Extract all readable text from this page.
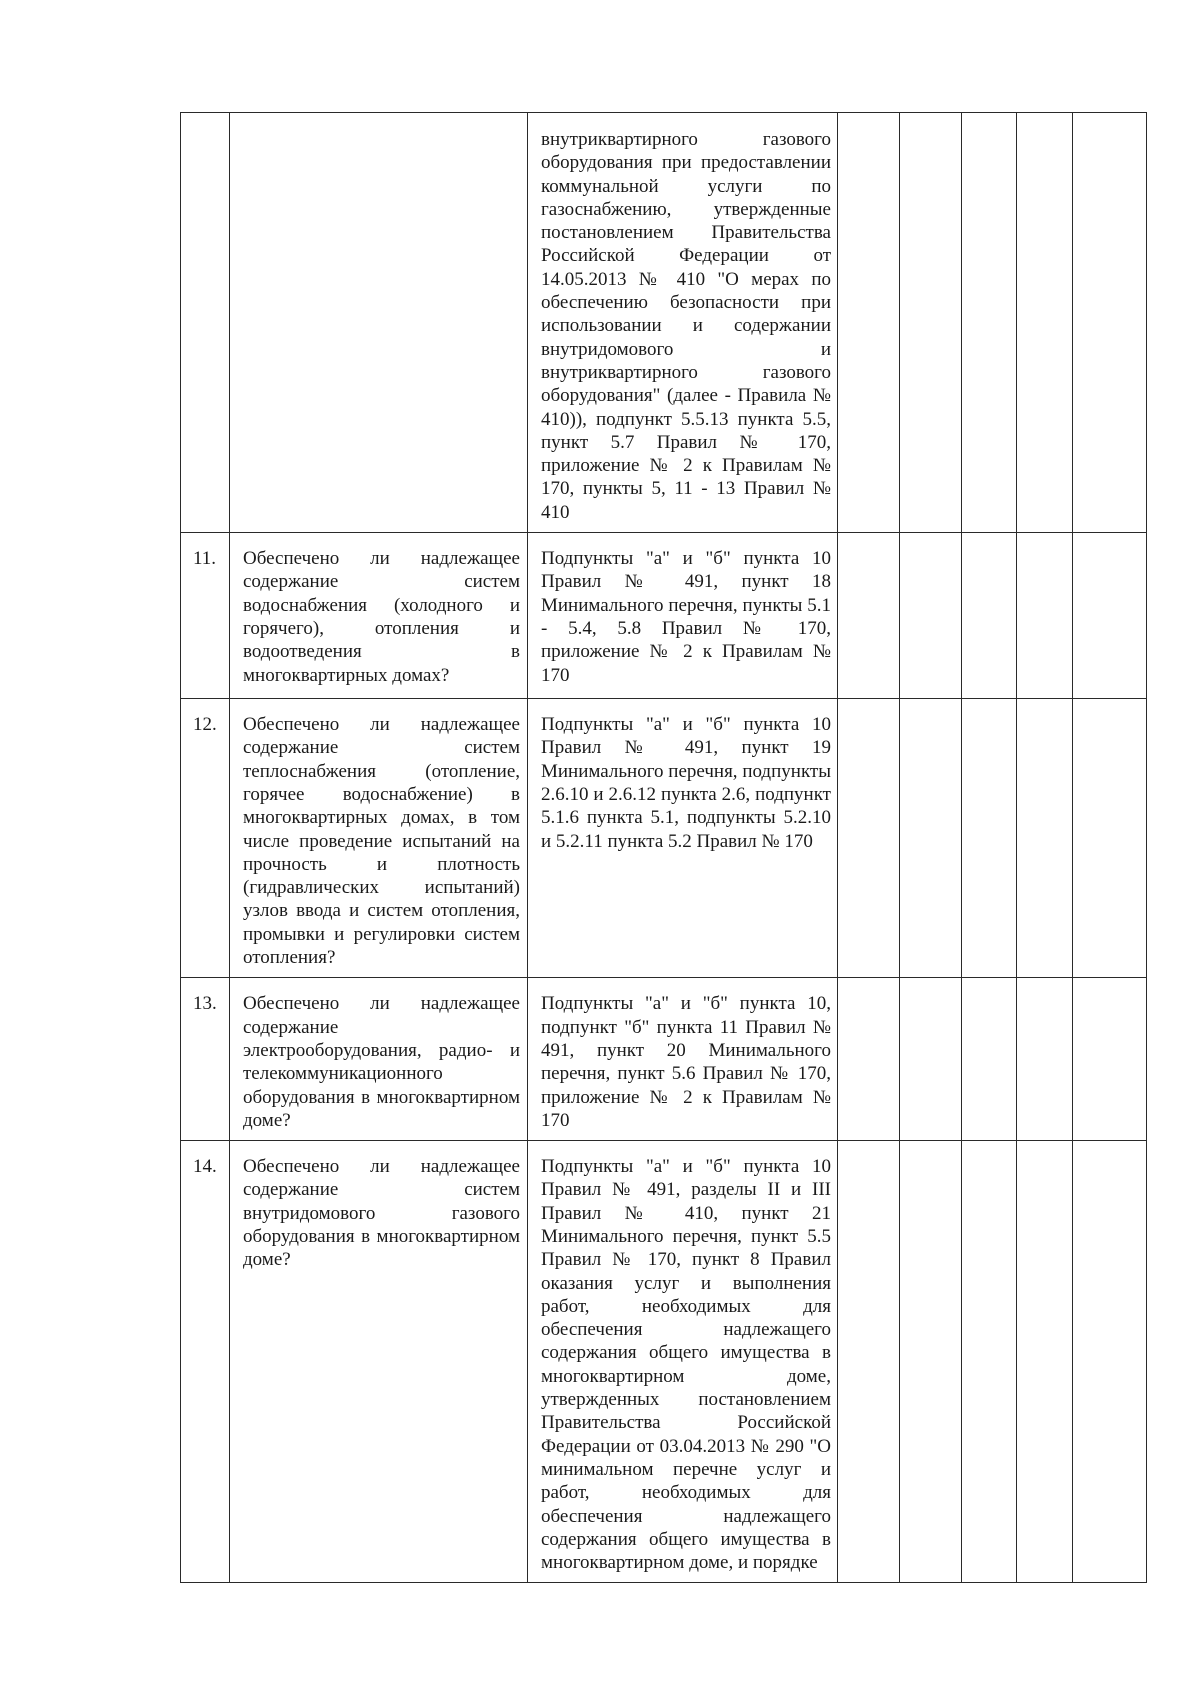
		внутриквартирного газового оборудования при предоставлении коммунальной услуги по газоснабжению, утвержденные постановлением Правительства Российской Федерации от 14.05.2013 № 410 "О мерах по обеспечению безопасности при использовании и содержании внутридомового и внутриквартирного газового оборудования" (далее - Правила № 410)), подпункт 5.5.13 пункта 5.5, пункт 5.7 Правил № 170, приложение № 2 к Правилам № 170, пункты 5, 11 - 13 Правил № 410					

11.	Обеспечено ли надлежащее содержание систем водоснабжения (холодного и горячего), отопления и водоотведения в многоквартирных домах?	Подпункты "а" и "б" пункта 10 Правил № 491, пункт 18 Минимального перечня, пункты 5.1 - 5.4, 5.8 Правил № 170, приложение № 2 к Правилам № 170					

12.	Обеспечено ли надлежащее содержание систем теплоснабжения (отопление, горячее водоснабжение) в многоквартирных домах, в том числе проведение испытаний на прочность и плотность (гидравлических испытаний) узлов ввода и систем отопления, промывки и регулировки систем отопления?	Подпункты "а" и "б" пункта 10 Правил № 491, пункт 19 Минимального перечня, подпункты 2.6.10 и 2.6.12 пункта 2.6, подпункт 5.1.6 пункта 5.1, подпункты 5.2.10 и 5.2.11 пункта 5.2 Правил № 170					

13.	Обеспечено ли надлежащее содержание электрооборудования, радио- и телекоммуникационного оборудования в многоквартирном доме?	Подпункты "а" и "б" пункта 10, подпункт "б" пункта 11 Правил № 491, пункт 20 Минимального перечня, пункт 5.6 Правил № 170, приложение № 2 к Правилам № 170					

14.	Обеспечено ли надлежащее содержание систем внутридомового газового оборудования в многоквартирном доме?	Подпункты "а" и "б" пункта 10 Правил № 491, разделы II и III Правил № 410, пункт 21 Минимального перечня, пункт 5.5 Правил № 170, пункт 8 Правил оказания услуг и выполнения работ, необходимых для обеспечения надлежащего содержания общего имущества в многоквартирном доме, утвержденных постановлением Правительства Российской Федерации от 03.04.2013 № 290 "О минимальном перечне услуг и работ, необходимых для обеспечения надлежащего содержания общего имущества в многоквартирном доме, и порядке					
